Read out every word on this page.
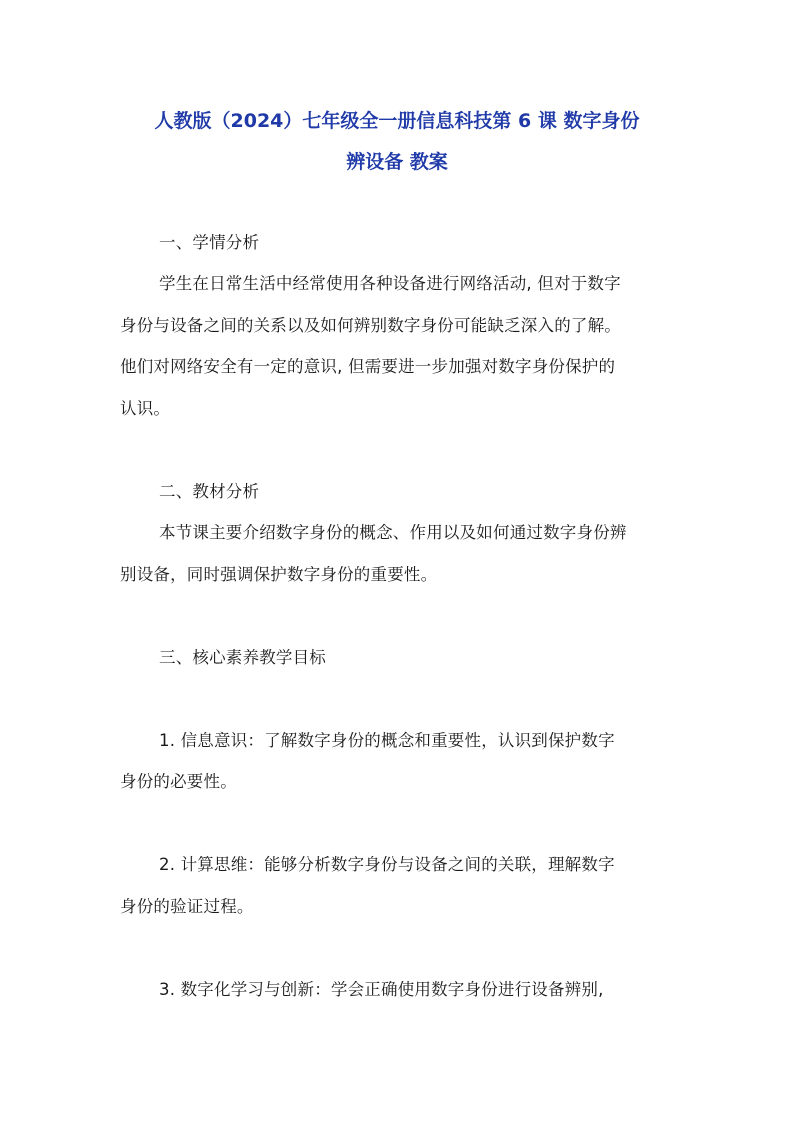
人教版（2024）七年级全一册信息科技第 6 课 数字身份
辨设备 教案
一、学情分析
学生在日常生活中经常使用各种设备进行网络活动, 但对于数字
身份与设备之间的关系以及如何辨别数字身份可能缺乏深入的了解。
他们对网络安全有一定的意识, 但需要进一步加强对数字身份保护的
认识。
二、教材分析
本节课主要介绍数字身份的概念、作用以及如何通过数字身份辨
别设备，同时强调保护数字身份的重要性。
三、核心素养教学目标
1. 信息意识：了解数字身份的概念和重要性，认识到保护数字
身份的必要性。
2. 计算思维：能够分析数字身份与设备之间的关联，理解数字
身份的验证过程。
3. 数字化学习与创新：学会正确使用数字身份进行设备辨别,
